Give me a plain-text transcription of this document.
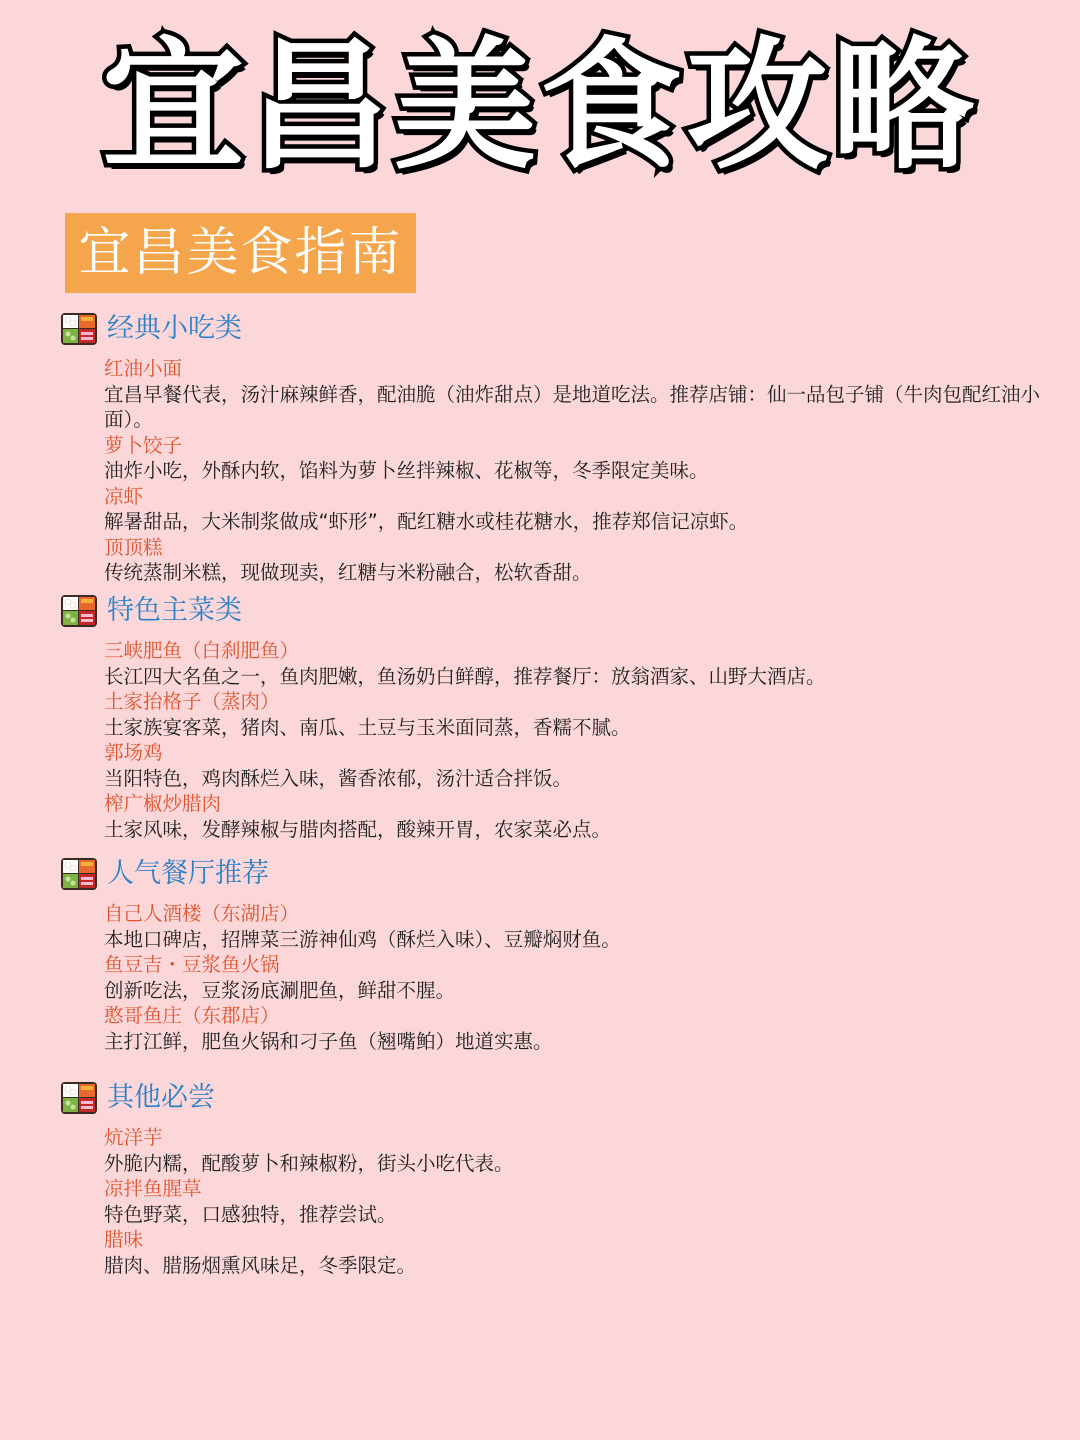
宜昌美食攻略
宜昌美食指南
经典小吃类
红油小面
宜昌早餐代表，汤汁麻辣鲜香，配油脆（油炸甜点）是地道吃法。推荐店铺：仙一品包子铺（牛肉包配红油小面）。
萝卜饺子
油炸小吃，外酥内软，馅料为萝卜丝拌辣椒、花椒等，冬季限定美味。
凉虾
解暑甜品，大米制浆做成“虾形”，配红糖水或桂花糖水，推荐郑信记凉虾。
顶顶糕
传统蒸制米糕，现做现卖，红糖与米粉融合，松软香甜。
特色主菜类
三峡肥鱼（白刹肥鱼）
长江四大名鱼之一，鱼肉肥嫩，鱼汤奶白鲜醇，推荐餐厅：放翁酒家、山野大酒店。
土家抬格子（蒸肉）
土家族宴客菜，猪肉、南瓜、土豆与玉米面同蒸，香糯不腻。
郭场鸡
当阳特色，鸡肉酥烂入味，酱香浓郁，汤汁适合拌饭。
榨广椒炒腊肉
土家风味，发酵辣椒与腊肉搭配，酸辣开胃，农家菜必点。
人气餐厅推荐
自己人酒楼（东湖店）
本地口碑店，招牌菜三游神仙鸡（酥烂入味）、豆瓣焖财鱼。
鱼豆吉・豆浆鱼火锅
创新吃法，豆浆汤底涮肥鱼，鲜甜不腥。
憨哥鱼庄（东郡店）
主打江鲜，肥鱼火锅和刁子鱼（翘嘴鲌）地道实惠。
其他必尝
炕洋芋
外脆内糯，配酸萝卜和辣椒粉，街头小吃代表。
凉拌鱼腥草
特色野菜，口感独特，推荐尝试。
腊味
腊肉、腊肠烟熏风味足，冬季限定。
